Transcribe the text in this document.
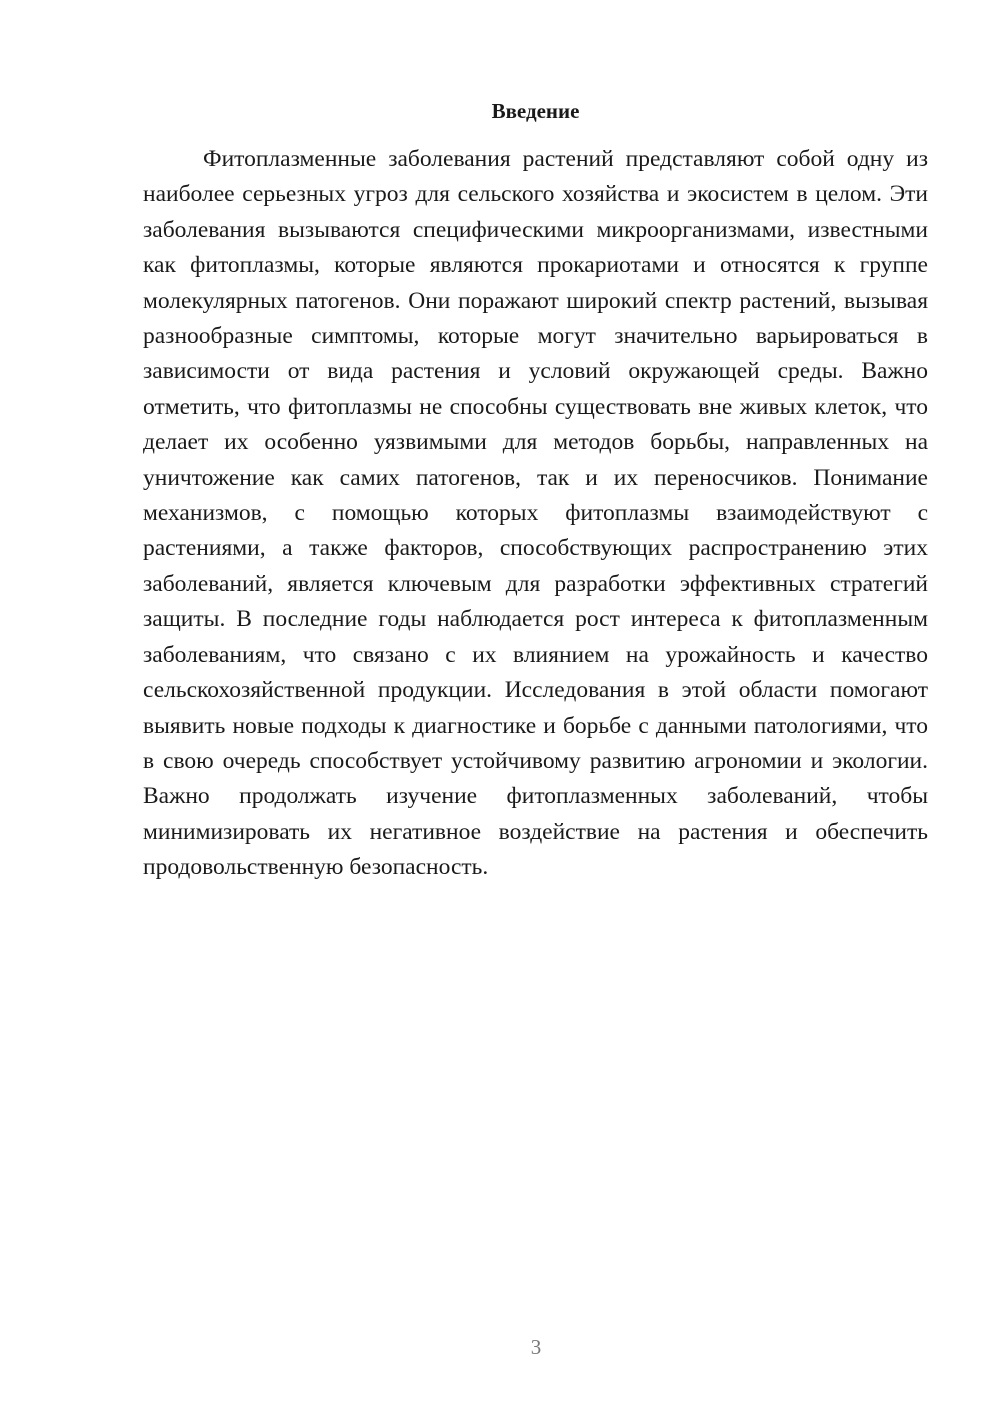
Введение

Фитоплазменные заболевания растений представляют собой одну из наиболее серьезных угроз для сельского хозяйства и экосистем в целом. Эти заболевания вызываются специфическими микроорганизмами, известными как фитоплазмы, которые являются прокариотами и относятся к группе молекулярных патогенов. Они поражают широкий спектр растений, вызывая разнообразные симптомы, которые могут значительно варьироваться в зависимости от вида растения и условий окружающей среды. Важно отметить, что фитоплазмы не способны существовать вне живых клеток, что делает их особенно уязвимыми для методов борьбы, направленных на уничтожение как самих патогенов, так и их переносчиков. Понимание механизмов, с помощью которых фитоплазмы взаимодействуют с растениями, а также факторов, способствующих распространению этих заболеваний, является ключевым для разработки эффективных стратегий защиты. В последние годы наблюдается рост интереса к фитоплазменным заболеваниям, что связано с их влиянием на урожайность и качество сельскохозяйственной продукции. Исследования в этой области помогают выявить новые подходы к диагностике и борьбе с данными патологиями, что в свою очередь способствует устойчивому развитию агрономии и экологии. Важно продолжать изучение фитоплазменных заболеваний, чтобы минимизировать их негативное воздействие на растения и обеспечить продовольственную безопасность.

3
